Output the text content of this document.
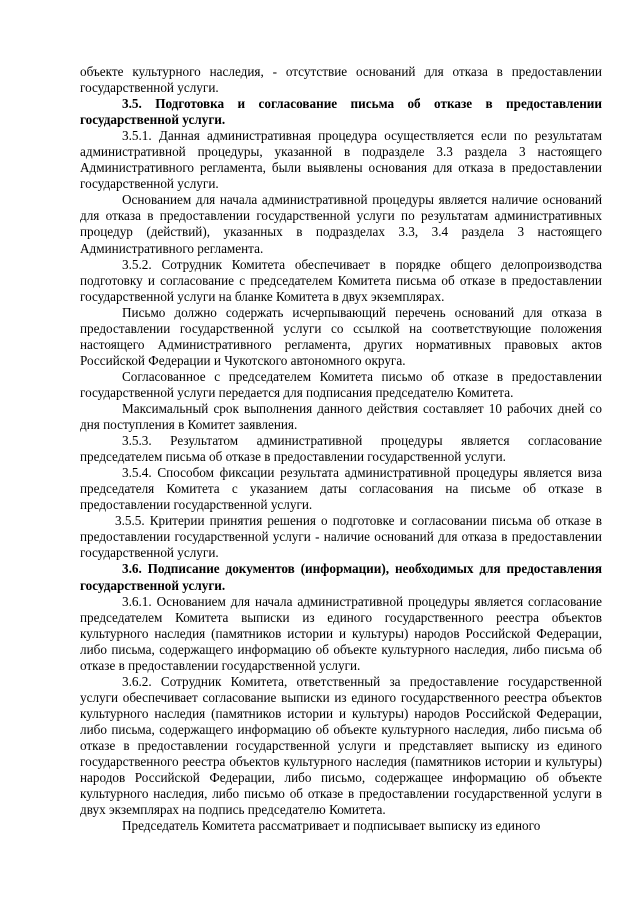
объекте культурного наследия, - отсутствие оснований для отказа в предоставлении государственной услуги.

3.5. Подготовка и согласование письма об отказе в предоставлении государственной услуги.

3.5.1. Данная административная процедура осуществляется если по результатам административной процедуры, указанной в подразделе 3.3 раздела 3 настоящего Административного регламента, были выявлены основания для отказа в предоставлении государственной услуги.

Основанием для начала административной процедуры является наличие оснований для отказа в предоставлении государственной услуги по результатам административных процедур (действий), указанных в подразделах 3.3, 3.4 раздела 3 настоящего Административного регламента.

3.5.2. Сотрудник Комитета обеспечивает в порядке общего делопроизводства подготовку и согласование с председателем Комитета письма об отказе в предоставлении государственной услуги на бланке Комитета в двух экземплярах.

Письмо должно содержать исчерпывающий перечень оснований для отказа в предоставлении государственной услуги со ссылкой на соответствующие положения настоящего Административного регламента, других нормативных правовых актов Российской Федерации и Чукотского автономного округа.

Согласованное с председателем Комитета письмо об отказе в предоставлении государственной услуги передается для подписания председателю Комитета.

Максимальный срок выполнения данного действия составляет 10 рабочих дней со дня поступления в Комитет заявления.

3.5.3. Результатом административной процедуры является согласование председателем письма об отказе в предоставлении государственной услуги.

3.5.4. Способом фиксации результата административной процедуры является виза председателя Комитета с указанием даты согласования на письме об отказе в предоставлении государственной услуги.

3.5.5. Критерии принятия решения о подготовке и согласовании письма об отказе в предоставлении государственной услуги - наличие оснований для отказа в предоставлении государственной услуги.

3.6. Подписание документов (информации), необходимых для предоставления государственной услуги.

3.6.1. Основанием для начала административной процедуры является согласование председателем Комитета выписки из единого государственного реестра объектов культурного наследия (памятников истории и культуры) народов Российской Федерации, либо письма, содержащего информацию об объекте культурного наследия, либо письма об отказе в предоставлении государственной услуги.

3.6.2. Сотрудник Комитета, ответственный за предоставление государственной услуги обеспечивает согласование выписки из единого государственного реестра объектов культурного наследия (памятников истории и культуры) народов Российской Федерации, либо письма, содержащего информацию об объекте культурного наследия, либо письма об отказе в предоставлении государственной услуги и представляет выписку из единого государственного реестра объектов культурного наследия (памятников истории и культуры) народов Российской Федерации, либо письмо, содержащее информацию об объекте культурного наследия, либо письмо об отказе в предоставлении государственной услуги в двух экземплярах на подпись председателю Комитета.

Председатель Комитета рассматривает и подписывает выписку из единого
